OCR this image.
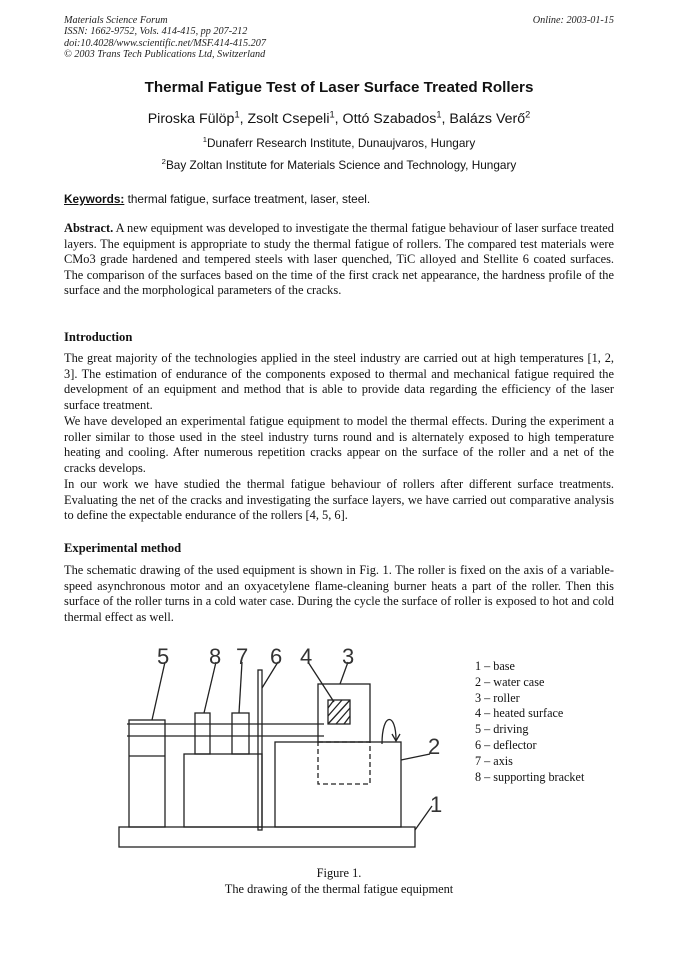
Materials Science Forum
ISSN: 1662-9752, Vols. 414-415, pp 207-212
doi:10.4028/www.scientific.net/MSF.414-415.207
© 2003 Trans Tech Publications Ltd, Switzerland
Online: 2003-01-15
Thermal Fatigue Test of Laser Surface Treated Rollers
Piroska Fülöp$^1$, Zsolt Csepeli$^1$, Ottó Szabados$^1$, Balázs Verő$^2$
$^1$Dunaferr Research Institute, Dunaujvaros, Hungary
$^2$Bay Zoltan Institute for Materials Science and Technology, Hungary
Keywords: thermal fatigue, surface treatment, laser, steel.
Abstract. A new equipment was developed to investigate the thermal fatigue behaviour of laser surface treated layers. The equipment is appropriate to study the thermal fatigue of rollers. The compared test materials were CMo3 grade hardened and tempered steels with laser quenched, TiC alloyed and Stellite 6 coated surfaces. The comparison of the surfaces based on the time of the first crack net appearance, the hardness profile of the surface and the morphological parameters of the cracks.
Introduction
The great majority of the technologies applied in the steel industry are carried out at high temperatures [1, 2, 3]. The estimation of endurance of the components exposed to thermal and mechanical fatigue required the development of an equipment and method that is able to provide data regarding the efficiency of the laser surface treatment.
We have developed an experimental fatigue equipment to model the thermal effects. During the experiment a roller similar to those used in the steel industry turns round and is alternately exposed to high temperature heating and cooling. After numerous repetition cracks appear on the surface of the roller and a net of the cracks develops.
In our work we have studied the thermal fatigue behaviour of rollers after different surface treatments. Evaluating the net of the cracks and investigating the surface layers, we have carried out comparative analysis to define the expectable endurance of the rollers [4, 5, 6].
Experimental method
The schematic drawing of the used equipment is shown in Fig. 1. The roller is fixed on the axis of a variable-speed asynchronous motor and an oxyacetylene flame-cleaning burner heats a part of the roller. Then this surface of the roller turns in a cold water case. During the cycle the surface of roller is exposed to hot and cold thermal effect as well.
5 8 7 6 4 3
2
1
1 – base
2 – water case
3 – roller
4 – heated surface
5 – driving
6 – deflector
7 – axis
8 – supporting bracket
Figure 1.
The drawing of the thermal fatigue equipment
